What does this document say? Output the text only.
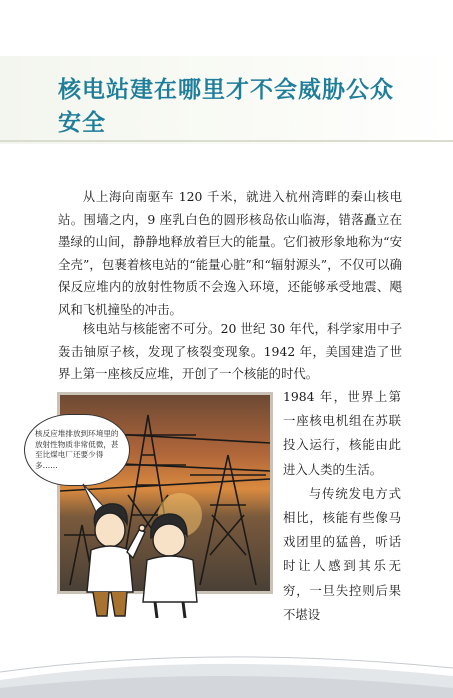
核电站建在哪里才不会威胁公众安全

从上海向南驱车 120 千米，就进入杭州湾畔的秦山核电站。围墙之内，9 座乳白色的圆形核岛依山临海，错落矗立在墨绿的山间，静静地释放着巨大的能量。它们被形象地称为“安全壳”，包裹着核电站的“能量心脏”和“辐射源头”，不仅可以确保反应堆内的放射性物质不会逸入环境，还能够承受地震、飓风和飞机撞坠的冲击。

核电站与核能密不可分。20 世纪 30 年代，科学家用中子轰击铀原子核，发现了核裂变现象。1942 年，美国建造了世界上第一座核反应堆，开创了一个核能的时代。

核反应堆排放到环境里的放射性物质非常低微，甚至比煤电厂还要少得多……

1984 年，世界上第一座核电机组在苏联投入运行，核能由此进入人类的生活。
与传统发电方式相比，核能有些像马戏团里的猛兽，听话时让人感到其乐无穷，一旦失控则后果不堪设
